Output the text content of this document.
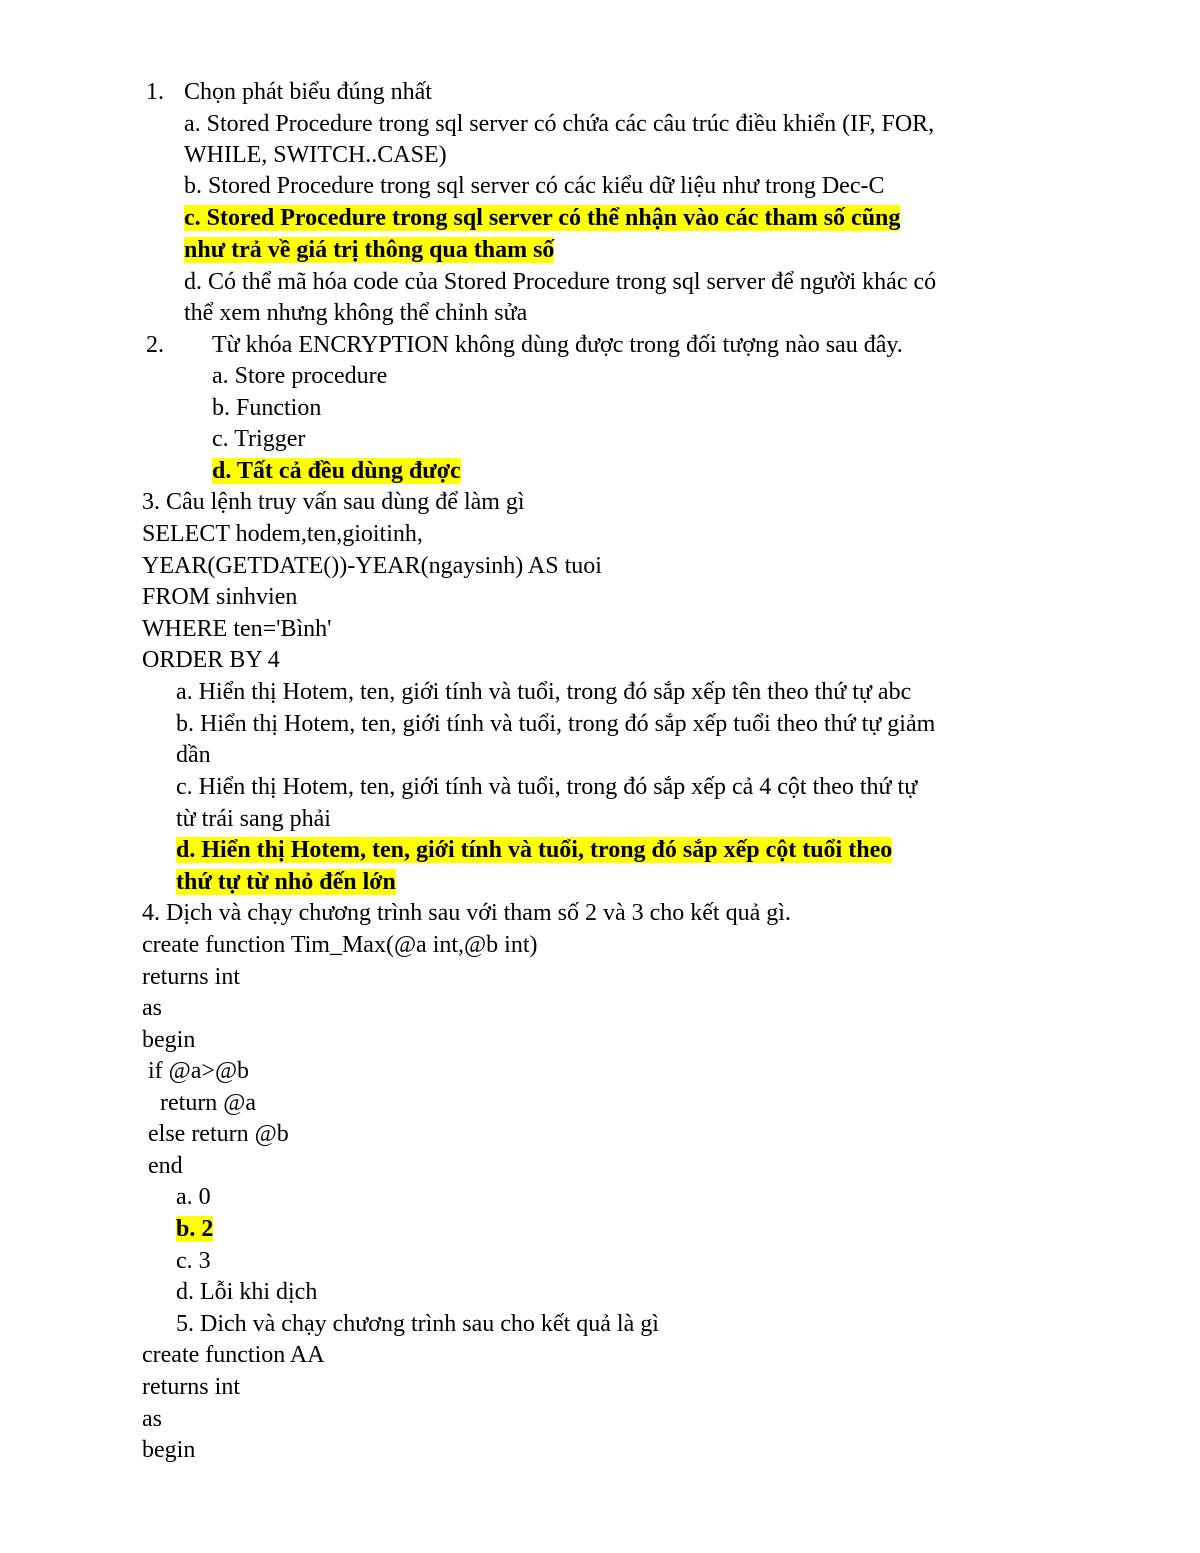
1. Chọn phát biểu đúng nhất
a. Stored Procedure trong sql server có chứa các câu trúc điều khiển (IF, FOR,
WHILE, SWITCH..CASE)
b. Stored Procedure trong sql server có các kiểu dữ liệu như trong Dec-C
c. Stored Procedure trong sql server có thể nhận vào các tham số cũng
như trả về giá trị thông qua tham số
d. Có thể mã hóa code của Stored Procedure trong sql server để người khác có
thể xem nhưng không thể chỉnh sửa
2. Từ khóa ENCRYPTION không dùng được trong đối tượng nào sau đây.
a. Store procedure
b. Function
c. Trigger
d. Tất cả đều dùng được
3. Câu lệnh truy vấn sau dùng để làm gì
SELECT hodem,ten,gioitinh,
YEAR(GETDATE())-YEAR(ngaysinh) AS tuoi
FROM sinhvien
WHERE ten='Bình'
ORDER BY 4
a. Hiển thị Hotem, ten, giới tính và tuổi, trong đó sắp xếp tên theo thứ tự abc
b. Hiển thị Hotem, ten, giới tính và tuổi, trong đó sắp xếp tuổi theo thứ tự giảm
dần
c. Hiển thị Hotem, ten, giới tính và tuổi, trong đó sắp xếp cả 4 cột theo thứ tự
từ trái sang phải
d. Hiển thị Hotem, ten, giới tính và tuổi, trong đó sắp xếp cột tuổi theo
thứ tự từ nhỏ đến lớn
4. Dịch và chạy chương trình sau với tham số 2 và 3 cho kết quả gì.
create function Tim_Max(@a int,@b int)
returns int
as
begin
if @a>@b
return @a
else return @b
end
a. 0
b. 2
c. 3
d. Lỗi khi dịch
5. Dich và chạy chương trình sau cho kết quả là gì
create function AA
returns int
as
begin
